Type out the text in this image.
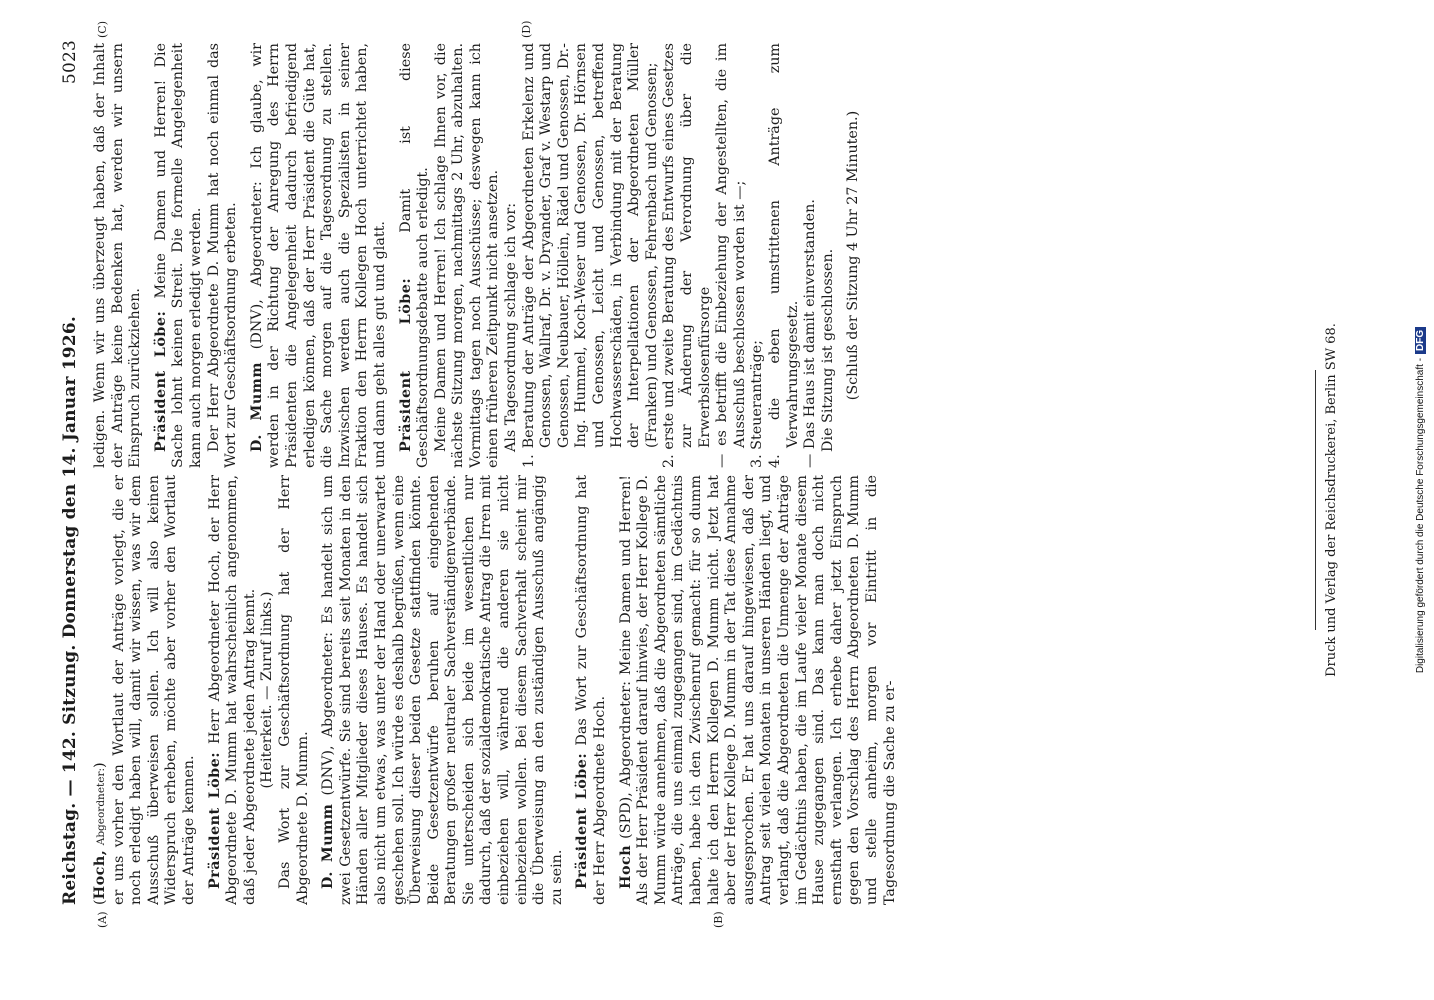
Reichstag. — 142. Sitzung. Donnerstag den 14. Januar 1926.
5023
(A)	(B)
(C)	(D)

(Hoch, Abgeordneter:) er uns vorher den Wortlaut der Anträge vorlegt, die er noch erledigt haben will, damit wir wissen, was wir dem Ausschuß überweisen sollen. Ich will also keinen Widerspruch erheben, möchte aber vorher den Wortlaut der Anträge kennen. Präsident Löbe: Herr Abgeordneter Hoch, der Herr Abgeordnete D. Mumm hat wahrscheinlich angenommen, daß jeder Abgeordnete jeden Antrag kennt. (Heiterkeit. — Zuruf links.) Das Wort zur Geschäftsordnung hat der Herr Abgeordnete D. Mumm. D. Mumm (DNV), Abgeordneter: Es handelt sich um zwei Gesetzentwürfe. Sie sind bereits seit Monaten in den Händen aller Mitglieder dieses Hauses. Es handelt sich also nicht um etwas, was unter der Hand oder unerwartet geschehen soll. Ich würde es deshalb begrüßen, wenn eine Überweisung dieser beiden Gesetze stattfinden könnte. Beide Gesetzentwürfe beruhen auf eingehenden Beratungen großer neutraler Sachverständigenverbände. Sie unterscheiden sich beide im wesentlichen nur dadurch, daß der sozialdemokratische Antrag die Irren mit einbeziehen will, während die anderen sie nicht einbeziehen wollen. Bei diesem Sachverhalt scheint mir die Überweisung an den zuständigen Ausschuß angängig zu sein. Präsident Löbe: Das Wort zur Geschäftsordnung hat der Herr Abgeordnete Hoch. Hoch (SPD), Abgeordneter: Meine Damen und Herren! Als der Herr Präsident darauf hinwies, der Herr Kollege D. Mumm würde annehmen, daß die Abgeordneten sämtliche Anträge, die uns einmal zugegangen sind, im Gedächtnis haben, habe ich den Zwischenruf gemacht: für so dumm halte ich den Herrn Kollegen D. Mumm nicht. Jetzt hat aber der Herr Kollege D. Mumm in der Tat diese Annahme ausgesprochen. Er hat uns darauf hingewiesen, daß der Antrag seit vielen Monaten in unseren Händen liegt, und verlangt, daß die Abgeordneten die Unmenge der Anträge im Gedächtnis haben, die im Laufe vieler Monate diesem Hause zugegangen sind. Das kann man doch nicht ernsthaft verlangen. Ich erhebe daher jetzt Einspruch gegen den Vorschlag des Herrn Abgeordneten D. Mumm und stelle anheim, morgen vor Eintritt in die Tagesordnung die Sache zu er-

ledigen. Wenn wir uns überzeugt haben, daß der Inhalt der Anträge keine Bedenken hat, werden wir unsern Einspruch zurückziehen. Präsident Löbe: Meine Damen und Herren! Die Sache lohnt keinen Streit. Die formelle Angelegenheit kann auch morgen erledigt werden. Der Herr Abgeordnete D. Mumm hat noch einmal das Wort zur Geschäftsordnung erbeten. D. Mumm (DNV), Abgeordneter: Ich glaube, wir werden in der Richtung der Anregung des Herrn Präsidenten die Angelegenheit dadurch befriedigend erledigen können, daß der Herr Präsident die Güte hat, die Sache morgen auf die Tagesordnung zu stellen. Inzwischen werden auch die Spezialisten in seiner Fraktion den Herrn Kollegen Hoch unterrichtet haben, und dann geht alles gut und glatt. Präsident Löbe: Damit ist diese Geschäftsordnungsdebatte auch erledigt. Meine Damen und Herren! Ich schlage Ihnen vor, die nächste Sitzung morgen, nachmittags 2 Uhr, abzuhalten. Vormittags tagen noch Ausschüsse; deswegen kann ich einen früheren Zeitpunkt nicht ansetzen. Als Tagesordnung schlage ich vor: 1. Beratung der Anträge der Abgeordneten Erkelenz und Genossen, Wallraf, Dr. v. Dryander, Graf v. Westarp und Genossen, Neubauer, Höllein, Rädel und Genossen, Dr.-Ing. Hummel, Koch-Weser und Genossen, Dr. Hörnsen und Genossen, Leicht und Genossen, betreffend Hochwasserschäden, in Verbindung mit der Beratung der Interpellationen der Abgeordneten Müller (Franken) und Genossen, Fehrenbach und Genossen; 2. erste und zweite Beratung des Entwurfs eines Gesetzes zur Änderung der Verordnung über die Erwerbslosenfürsorge — es betrifft die Einbeziehung der Angestellten, die im Ausschuß beschlossen worden ist —; 3. Steueranträge; 4. die eben umstrittenen Anträge zum Verwahrungsgesetz. — Das Haus ist damit einverstanden. Die Sitzung ist geschlossen. (Schluß der Sitzung 4 Uhr 27 Minuten.)

Druck und Verlag der Reichsdruckerei, Berlin SW 68.	Digitalisierung gefördert durch die Deutsche Forschungsgemeinschaft -DFG
